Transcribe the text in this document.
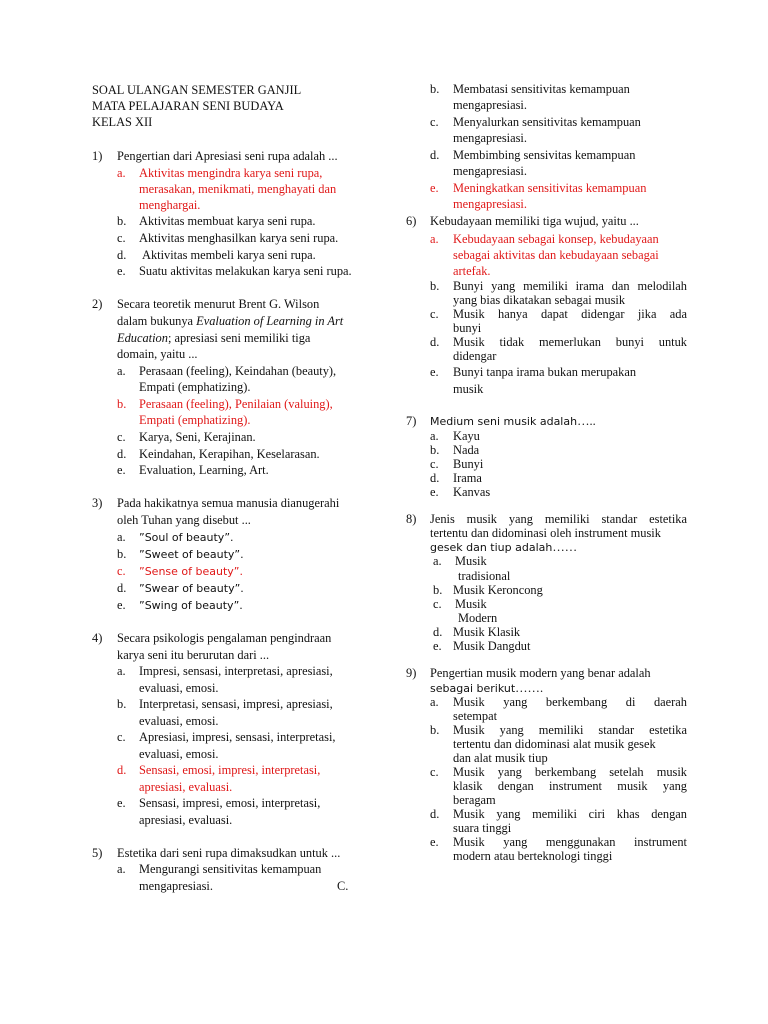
SOAL ULANGAN SEMESTER GANJIL
MATA PELAJARAN SENI BUDAYA
KELAS XII
1) Pengertian dari Apresiasi seni rupa adalah ...
a. Aktivitas mengindra karya seni rupa,
merasakan, menikmati, menghayati dan
menghargai.
b. Aktivitas membuat karya seni rupa.
c. Aktivitas menghasilkan karya seni rupa.
d. Aktivitas membeli karya seni rupa.
e. Suatu aktivitas melakukan karya seni rupa.
2) Secara teoretik menurut Brent G. Wilson
dalam bukunya Evaluation of Learning in Art
Education; apresiasi seni memiliki tiga
domain, yaitu ...
a. Perasaan (feeling), Keindahan (beauty),
Empati (emphatizing).
b. Perasaan (feeling), Penilaian (valuing),
Empati (emphatizing).
c. Karya, Seni, Kerajinan.
d. Keindahan, Kerapihan, Keselarasan.
e. Evaluation, Learning, Art.
3) Pada hakikatnya semua manusia dianugerahi
oleh Tuhan yang disebut ...
a. ”Soul of beauty”.
b. ”Sweet of beauty”.
c. ”Sense of beauty”.
d. ”Swear of beauty”.
e. ”Swing of beauty”.
4) Secara psikologis pengalaman pengindraan
karya seni itu berurutan dari ...
a. Impresi, sensasi, interpretasi, apresiasi,
evaluasi, emosi.
b. Interpretasi, sensasi, impresi, apresiasi,
evaluasi, emosi.
c. Apresiasi, impresi, sensasi, interpretasi,
evaluasi, emosi.
d. Sensasi, emosi, impresi, interpretasi,
apresiasi, evaluasi.
e. Sensasi, impresi, emosi, interpretasi,
apresiasi, evaluasi.
5) Estetika dari seni rupa dimaksudkan untuk ...
a. Mengurangi sensitivitas kemampuan
mengapresiasi.	C.
b. Membatasi sensitivitas kemampuan
mengapresiasi.
c. Menyalurkan sensitivitas kemampuan
mengapresiasi.
d. Membimbing sensivitas kemampuan
mengapresiasi.
e. Meningkatkan sensitivitas kemampuan
mengapresiasi.
6) Kebudayaan memiliki tiga wujud, yaitu ...
a. Kebudayaan sebagai konsep, kebudayaan
sebagai aktivitas dan kebudayaan sebagai
artefak.
b. Bunyi yang memiliki irama dan melodilah
yang bias dikatakan sebagai musik
c. Musik hanya dapat didengar jika ada
bunyi
d. Musik tidak memerlukan bunyi untuk
didengar
e. Bunyi tanpa irama bukan merupakan
musik
7) Medium seni musik adalah…..
a. Kayu
b. Nada
c. Bunyi
d. Irama
e. Kanvas
8) Jenis musik yang memiliki standar estetika
tertentu dan didominasi oleh instrument musik
gesek dan tiup adalah……
a. Musik
tradisional
b. Musik Keroncong
c. Musik
Modern
d. Musik Klasik
e. Musik Dangdut
9) Pengertian musik modern yang benar adalah
sebagai berikut…….
a. Musik yang berkembang di daerah
setempat
b. Musik yang memiliki standar estetika
tertentu dan didominasi alat musik gesek
dan alat musik tiup
c. Musik yang berkembang setelah musik
klasik dengan instrument musik yang
beragam
d. Musik yang memiliki ciri khas dengan
suara tinggi
e. Musik yang menggunakan instrument
modern atau berteknologi tinggi
